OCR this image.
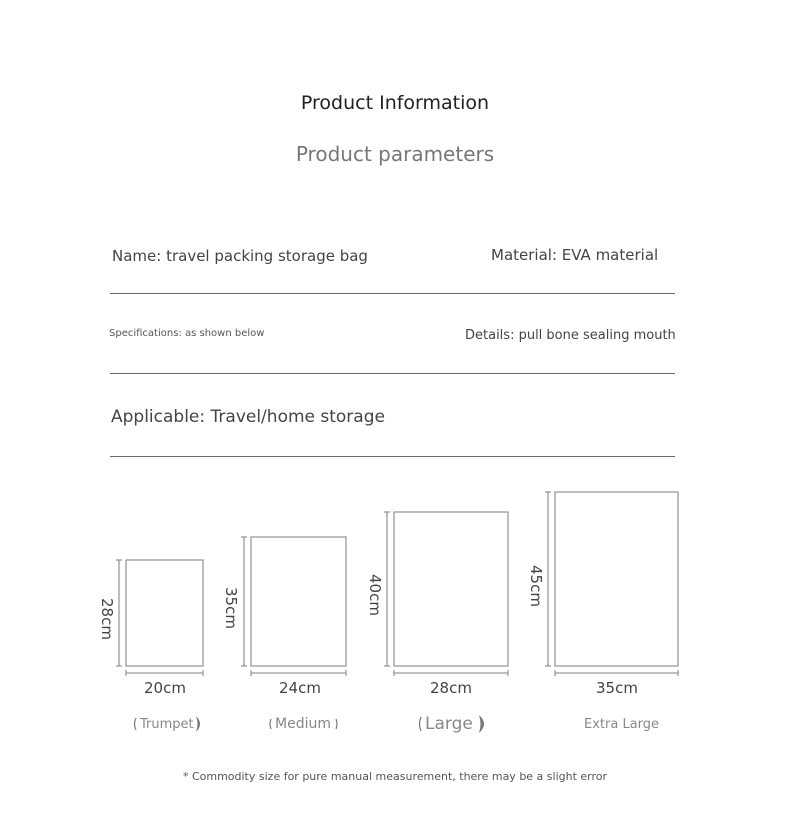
Product Information
Product parameters
Name: travel packing storage bag	Material: EVA material
Specifications: as shown below	Details: pull bone sealing mouth
Applicable: Travel/home storage
28cm
20cm
35cm
24cm
40cm
28cm
45cm
35cm
Trumpet	Medium	Large	Extra Large
* Commodity size for pure manual measurement, there may be a slight error
